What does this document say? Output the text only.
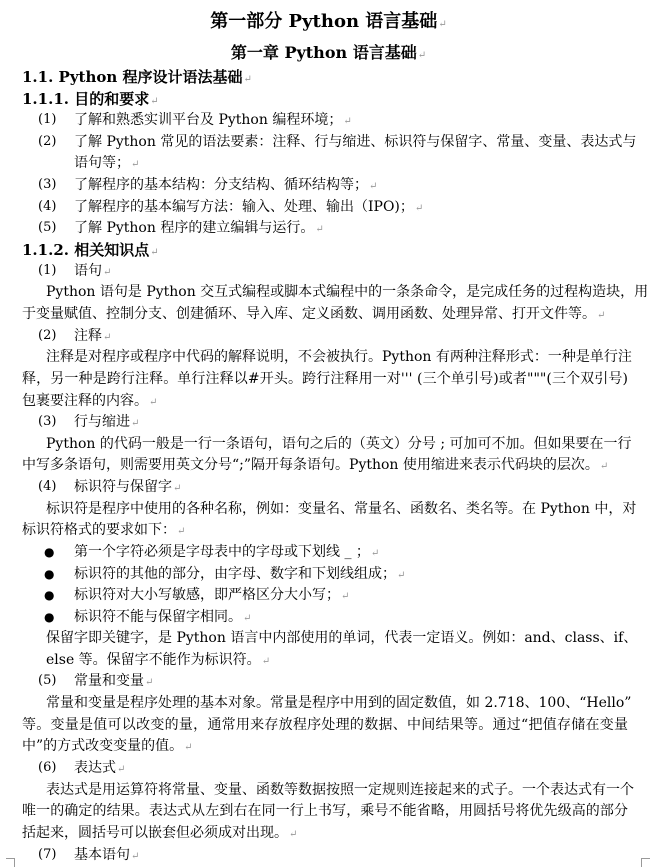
第一部分 Python 语言基础 ↵
第一章 Python 语言基础 ↵
1.1. Python 程序设计语法基础 ↵
1.1.1. 目的和要求 ↵
(1) 了解和熟悉实训平台及 Python 编程环境； ↵
(2) 了解 Python 常见的语法要素：注释、行与缩进、标识符与保留字、常量、变量、表达式与
语句等； ↵
(3) 了解程序的基本结构：分支结构、循环结构等； ↵
(4) 了解程序的基本编写方法：输入、处理、输出（IPO)； ↵
(5) 了解 Python 程序的建立编辑与运行。 ↵
1.1.2. 相关知识点 ↵
(1) 语句 ↵
Python 语句是 Python 交互式编程或脚本式编程中的一条条命令，是完成任务的过程构造块，用
于变量赋值、控制分支、创建循环、导入库、定义函数、调用函数、处理异常、打开文件等。 ↵
(2) 注释 ↵
注释是对程序或程序中代码的解释说明，不会被执行。Python 有两种注释形式：一种是单行注
释，另一种是跨行注释。单行注释以#开头。跨行注释用一对''' (三个单引号)或者"""(三个双引号)
包裹要注释的内容。 ↵
(3) 行与缩进 ↵
Python 的代码一般是一行一条语句，语句之后的（英文）分号 ; 可加可不加。但如果要在一行
中写多条语句，则需要用英文分号“;”隔开每条语句。Python 使用缩进来表示代码块的层次。 ↵
(4) 标识符与保留字 ↵
标识符是程序中使用的各种名称，例如：变量名、常量名、函数名、类名等。在 Python 中，对
标识符格式的要求如下： ↵
● 第一个字符必须是字母表中的字母或下划线 _ ； ↵
● 标识符的其他的部分，由字母、数字和下划线组成； ↵
● 标识符对大小写敏感，即严格区分大小写； ↵
● 标识符不能与保留字相同。 ↵
保留字即关键字，是 Python 语言中内部使用的单词，代表一定语义。例如：and、class、if、
else 等。保留字不能作为标识符。 ↵
(5) 常量和变量 ↵
常量和变量是程序处理的基本对象。常量是程序中用到的固定数值，如 2.718、100、“Hello”
等。变量是值可以改变的量，通常用来存放程序处理的数据、中间结果等。通过“把值存储在变量
中”的方式改变变量的值。 ↵
(6) 表达式 ↵
表达式是用运算符将常量、变量、函数等数据按照一定规则连接起来的式子。一个表达式有一个
唯一的确定的结果。表达式从左到右在同一行上书写，乘号不能省略，用圆括号将优先级高的部分
括起来，圆括号可以嵌套但必须成对出现。 ↵
(7) 基本语句 ↵
